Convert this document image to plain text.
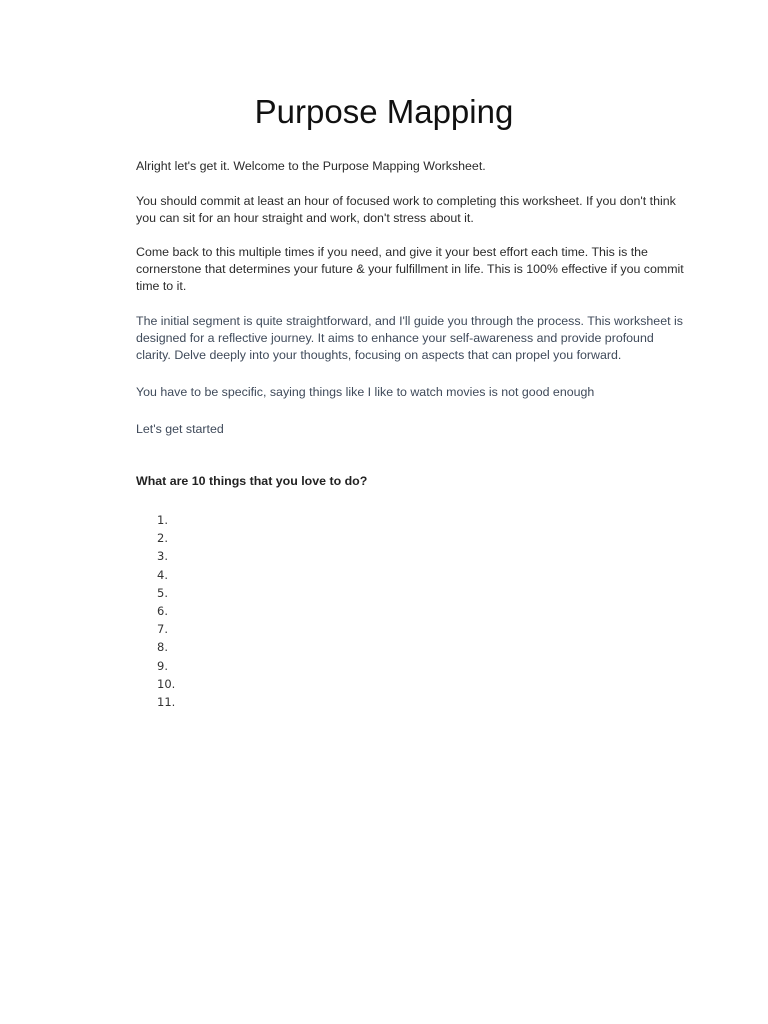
Purpose Mapping

Alright let's get it. Welcome to the Purpose Mapping Worksheet.

You should commit at least an hour of focused work to completing this worksheet. If you don't think you can sit for an hour straight and work, don't stress about it.

Come back to this multiple times if you need, and give it your best effort each time. This is the cornerstone that determines your future & your fulfillment in life. This is 100% effective if you commit time to it.

The initial segment is quite straightforward, and I'll guide you through the process. This worksheet is designed for a reflective journey. It aims to enhance your self-awareness and provide profound clarity. Delve deeply into your thoughts, focusing on aspects that can propel you forward.

You have to be specific, saying things like I like to watch movies is not good enough

Let's get started

What are 10 things that you love to do?

1.
2.
3.
4.
5.
6.
7.
8.
9.
10.
11.
